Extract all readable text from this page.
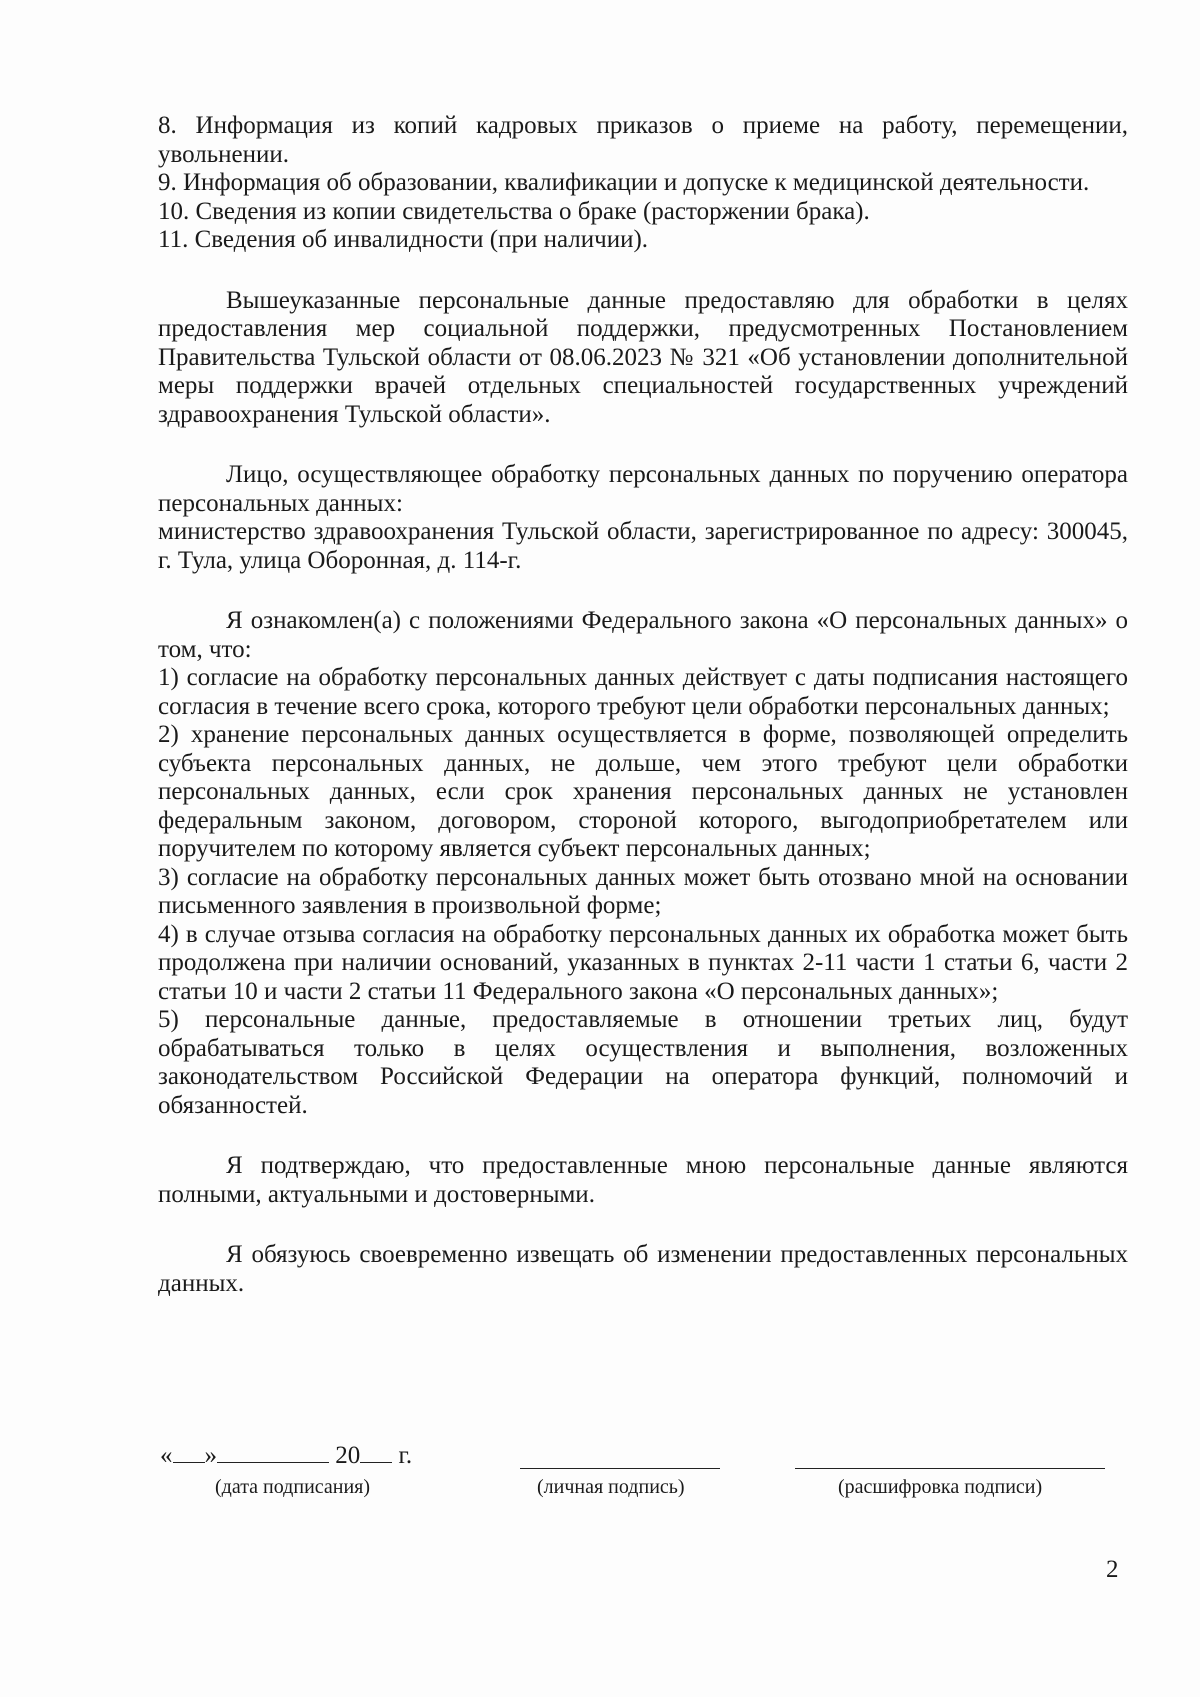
8. Информация из копий кадровых приказов о приеме на работу, перемещении, увольнении.

9. Информация об образовании, квалификации и допуске к медицинской деятельности.

10. Сведения из копии свидетельства о браке (расторжении брака).

11. Сведения об инвалидности (при наличии).

Вышеуказанные персональные данные предоставляю для обработки в целях предоставления мер социальной поддержки, предусмотренных Постановлением Правительства Тульской области от 08.06.2023 № 321 «Об установлении дополнительной меры поддержки врачей отдельных специальностей государственных учреждений здравоохранения Тульской области».

Лицо, осуществляющее обработку персональных данных по поручению оператора персональных данных:

министерство здравоохранения Тульской области, зарегистрированное по адресу: 300045, г. Тула, улица Оборонная, д. 114-г.

Я ознакомлен(а) с положениями Федерального закона «О персональных данных» о том, что:

1) согласие на обработку персональных данных действует с даты подписания настоящего согласия в течение всего срока, которого требуют цели обработки персональных данных;

2) хранение персональных данных осуществляется в форме, позволяющей определить субъекта персональных данных, не дольше, чем этого требуют цели обработки персональных данных, если срок хранения персональных данных не установлен федеральным законом, договором, стороной которого, выгодоприобретателем или поручителем по которому является субъект персональных данных;

3) согласие на обработку персональных данных может быть отозвано мной на основании письменного заявления в произвольной форме;

4) в случае отзыва согласия на обработку персональных данных их обработка может быть продолжена при наличии оснований, указанных в пунктах 2-11 части 1 статьи 6, части 2 статьи 10 и части 2 статьи 11 Федерального закона «О персональных данных»;

5) персональные данные, предоставляемые в отношении третьих лиц, будут обрабатываться только в целях осуществления и выполнения, возложенных законодательством Российской Федерации на оператора функций, полномочий и обязанностей.

Я подтверждаю, что предоставленные мною персональные данные являются полными, актуальными и достоверными.

Я обязуюсь своевременно извещать об изменении предоставленных персональных данных.

« »	20 г.
(дата подписания)	(личная подпись)	(расшифровка подписи)
2
